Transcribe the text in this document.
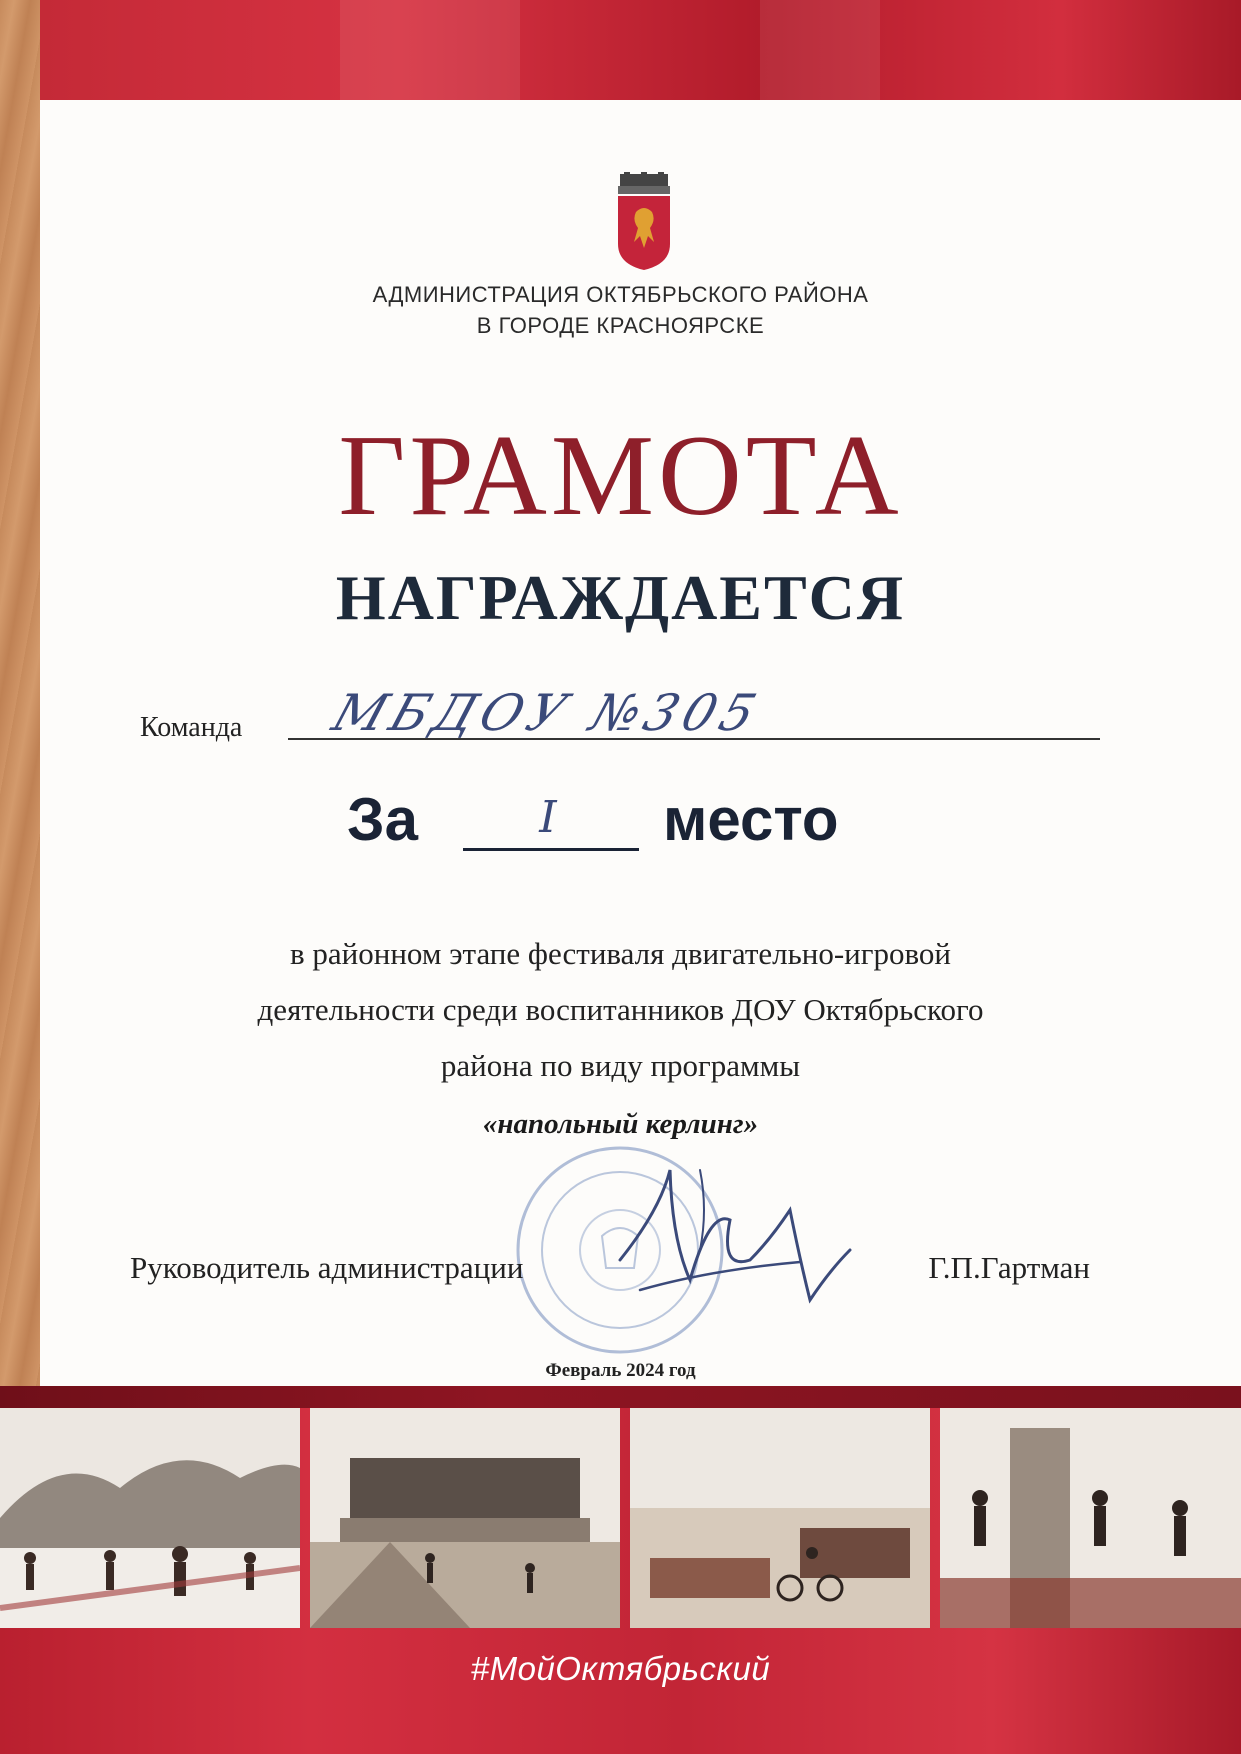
АДМИНИСТРАЦИЯ ОКТЯБРЬСКОГО РАЙОНА
В ГОРОДЕ КРАСНОЯРСКЕ
ГРАМОТА
НАГРАЖДАЕТСЯ
Команда МБДОУ №305
За	I	место
в районном этапе фестиваля двигательно-игровой
деятельности среди воспитанников ДОУ Октябрьского
района по виду программы
«напольный керлинг»
Руководитель администрации	Г.П.Гартман
Февраль 2024 год
#МойОктябрьский
